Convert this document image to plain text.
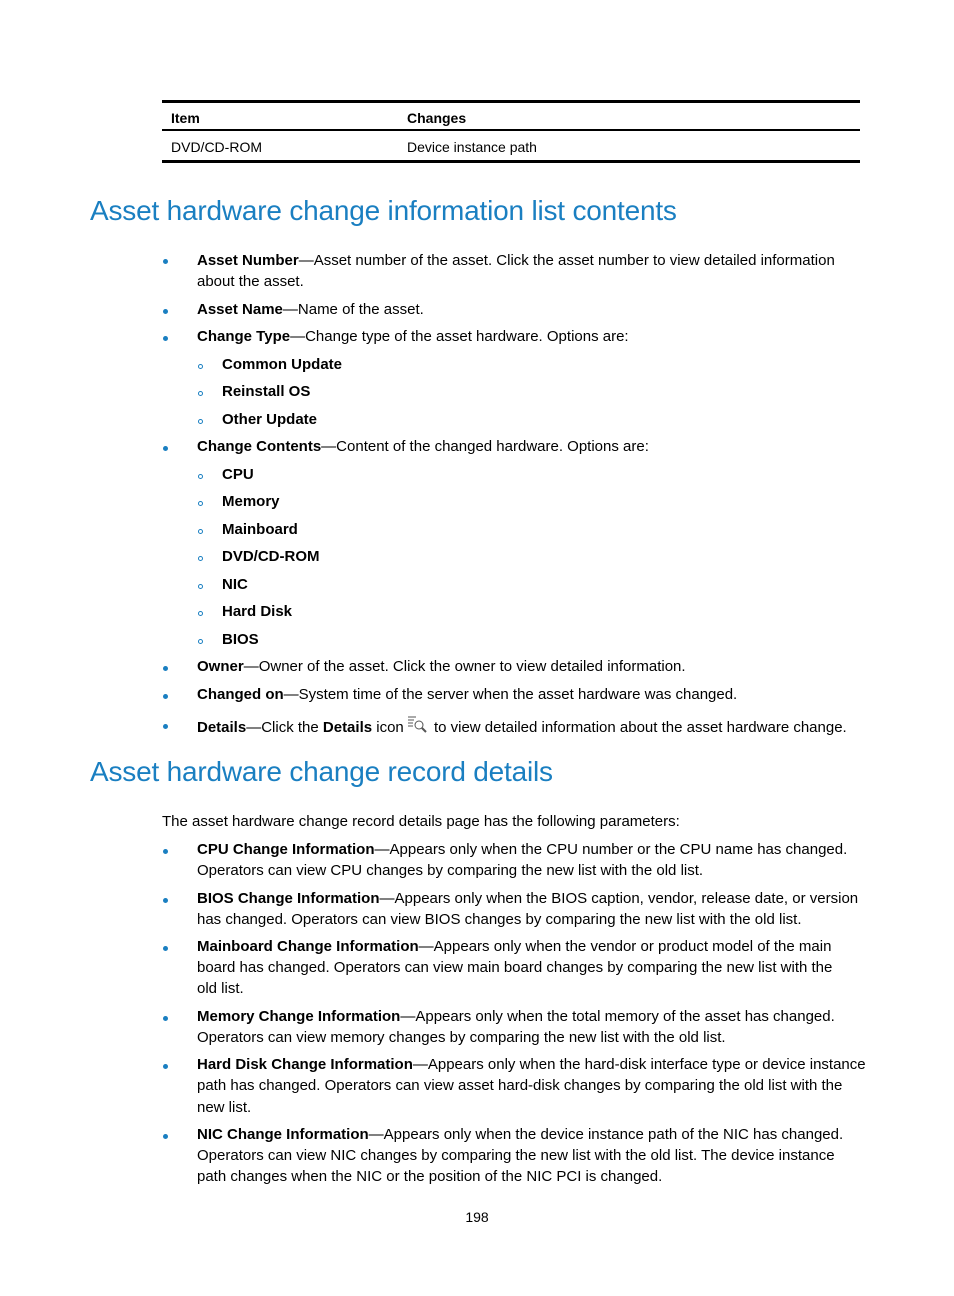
Item	Changes
DVD/CD-ROM	Device instance path
Asset hardware change information list contents
Asset Number—Asset number of the asset. Click the asset number to view detailed information
about the asset.
Asset Name—Name of the asset.
Change Type—Change type of the asset hardware. Options are:
Common Update
Reinstall OS
Other Update
Change Contents—Content of the changed hardware. Options are:
CPU
Memory
Mainboard
DVD/CD-ROM
NIC
Hard Disk
BIOS
Owner—Owner of the asset. Click the owner to view detailed information.
Changed on—System time of the server when the asset hardware was changed.
Details—Click the Details icon to view detailed information about the asset hardware change.
Asset hardware change record details
The asset hardware change record details page has the following parameters:
CPU Change Information—Appears only when the CPU number or the CPU name has changed.
Operators can view CPU changes by comparing the new list with the old list.
BIOS Change Information—Appears only when the BIOS caption, vendor, release date, or version
has changed. Operators can view BIOS changes by comparing the new list with the old list.
Mainboard Change Information—Appears only when the vendor or product model of the main
board has changed. Operators can view main board changes by comparing the new list with the
old list.
Memory Change Information—Appears only when the total memory of the asset has changed.
Operators can view memory changes by comparing the new list with the old list.
Hard Disk Change Information—Appears only when the hard-disk interface type or device instance
path has changed. Operators can view asset hard-disk changes by comparing the old list with the
new list.
NIC Change Information—Appears only when the device instance path of the NIC has changed.
Operators can view NIC changes by comparing the new list with the old list. The device instance
path changes when the NIC or the position of the NIC PCI is changed.
198
